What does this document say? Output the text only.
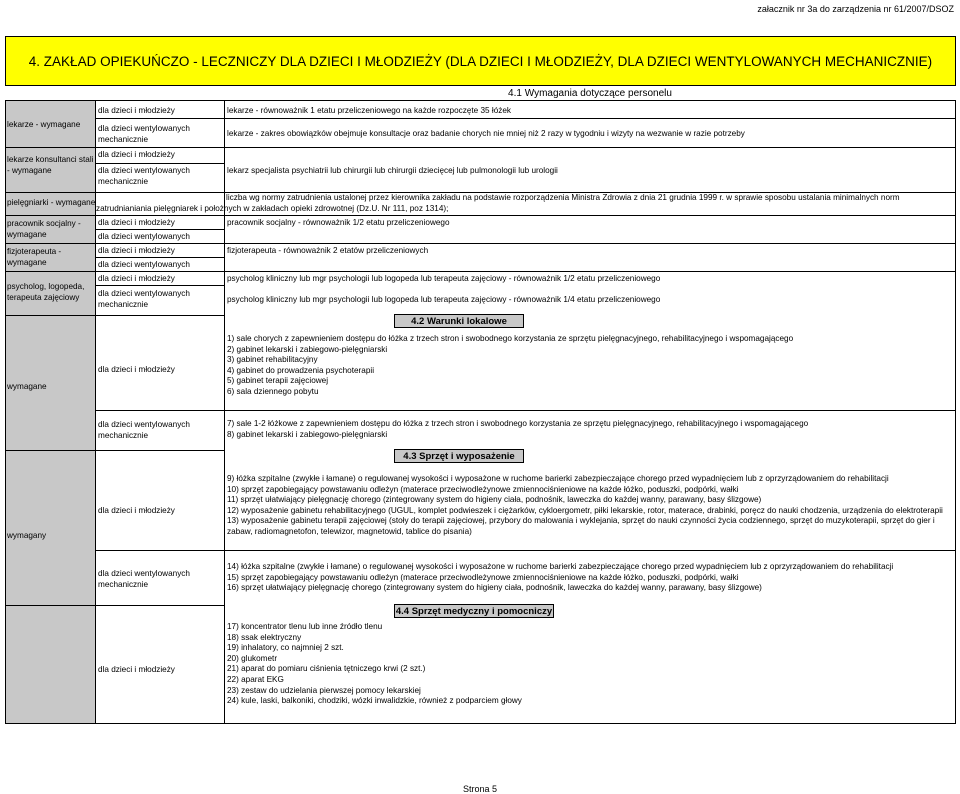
załacznik nr 3a do zarządzenia nr 61/2007/DSOZ
4. ZAKŁAD OPIEKUŃCZO - LECZNICZY DLA DZIECI I MŁODZIEŻY (DLA DZIECI I MŁODZIEŻY, DLA DZIECI WENTYLOWANYCH MECHANICZNIE)
4.1 Wymagania dotyczące personelu
4.2 Warunki lokalowe
4.3 Sprzęt i wyposażenie
4.4 Sprzęt medyczny i pomocniczy
lekarze - wymagane
lekarze konsultanci stali - wymagane
pielęgniarki - wymagane
pracownik socjalny - wymagane
fizjoterapeuta - wymagane
psycholog, logopeda, terapeuta zajęciowy
wymagane
wymagany
dla dzieci i młodzieży
dla dzieci wentylowanych
mechanicznie
dla dzieci i młodzieży
dla dzieci wentylowanych
mechanicznie
dla dzieci i młodzieży
dla dzieci wentylowanych
dla dzieci i młodzieży
dla dzieci wentylowanych
dla dzieci i młodzieży
dla dzieci wentylowanych
mechanicznie
dla dzieci i młodzieży
dla dzieci wentylowanych
mechanicznie
dla dzieci i młodzieży
dla dzieci wentylowanych
mechanicznie
dla dzieci i młodzieży
lekarze - równoważnik 1 etatu przeliczeniowego na każde rozpoczęte 35 łóżek
lekarze - zakres obowiązków obejmuje konsultacje oraz badanie chorych nie mniej niż 2 razy w tygodniu i wizyty na wezwanie w razie potrzeby
lekarz specjalista psychiatrii lub chirurgii lub chirurgii dziecięcej lub pulmonologii lub urologii
liczba wg normy zatrudnienia ustalonej przez kierownika zakładu na podstawie rozporządzenia Ministra Zdrowia z dnia 21 grudnia 1999 r. w sprawie sposobu ustalania minimalnych norm zatrudnianiania pielęgniarek i położnych w zakładach opieki zdrowotnej (Dz.U. Nr 111, poz 1314);
pracownik socjalny - równoważnik 1/2 etatu przeliczeniowego
fizjoterapeuta - równoważnik 2 etatów przeliczeniowych
psycholog kliniczny lub mgr psychologii lub logopeda lub terapeuta zajęciowy - równoważnik 1/2 etatu przeliczeniowego
psycholog kliniczny lub mgr psychologii lub logopeda lub terapeuta zajęciowy - równoważnik 1/4 etatu przeliczeniowego
1) sale chorych z zapewnieniem dostępu do łóżka z trzech stron i swobodnego korzystania ze sprzętu pielęgnacyjnego, rehabilitacyjnego i wspomagającego
2) gabinet lekarski i zabiegowo-pielęgniarski
3) gabinet rehabilitacyjny
4) gabinet do prowadzenia psychoterapii
5) gabinet terapii zajęciowej
6) sala dziennego pobytu
7) sale 1-2 łóżkowe z zapewnieniem dostępu do łóżka z trzech stron i swobodnego korzystania ze sprzętu pielęgnacyjnego, rehabilitacyjnego i wspomagającego
8) gabinet lekarski i zabiegowo-pielęgniarski
9) łóżka szpitalne (zwykłe i łamane) o regulowanej wysokości i wyposażone w ruchome barierki zabezpieczające chorego przed wypadnięciem lub z oprzyrządowaniem do rehabilitacji
10) sprzęt zapobiegający powstawaniu odleżyn (materace przeciwodleżynowe zmiennociśnieniowe na każde łóżko, poduszki, podpórki, wałki
11) sprzęt ułatwiający pielęgnację chorego (zintegrowany system do higieny ciała, podnośnik, laweczka do każdej wanny, parawany, basy ślizgowe)
12) wyposażenie gabinetu rehabilitacyjnego (UGUL, komplet podwieszek i ciężarków, cykloergometr, piłki lekarskie, rotor, materace, drabinki, poręcz do nauki chodzenia, urządzenia do elektroterapii
13) wyposażenie gabinetu terapii zajęciowej (stoły do terapii zajęciowej, przybory do malowania i wyklejania, sprzęt do nauki czynności życia codziennego, sprzęt do muzykoterapii, sprzęt do gier i zabaw, radiomagnetofon, telewizor, magnetowid, tablice do pisania)
14) łóżka szpitalne (zwykłe i łamane) o regulowanej wysokości i wyposażone w ruchome barierki zabezpieczające chorego przed wypadnięciem lub z oprzyrządowaniem do rehabilitacji
15) sprzęt zapobiegający powstawaniu odleżyn (materace przeciwodleżynowe zmiennociśnieniowe na każde łóżko, poduszki, podpórki, wałki
16) sprzęt ułatwiający pielęgnację chorego (zintegrowany system do higieny ciała, podnośnik, laweczka do każdej wanny, parawany, basy ślizgowe)
17) koncentrator tlenu lub inne źródło tlenu
18) ssak elektryczny
19) inhalatory, co najmniej 2 szt.
20) glukometr
21) aparat do pomiaru ciśnienia tętniczego krwi (2 szt.)
22) aparat EKG
23) zestaw do udzielania pierwszej pomocy lekarskiej
24) kule, laski, balkoniki, chodziki, wózki inwalidzkie, również z podparciem głowy
Strona 5
